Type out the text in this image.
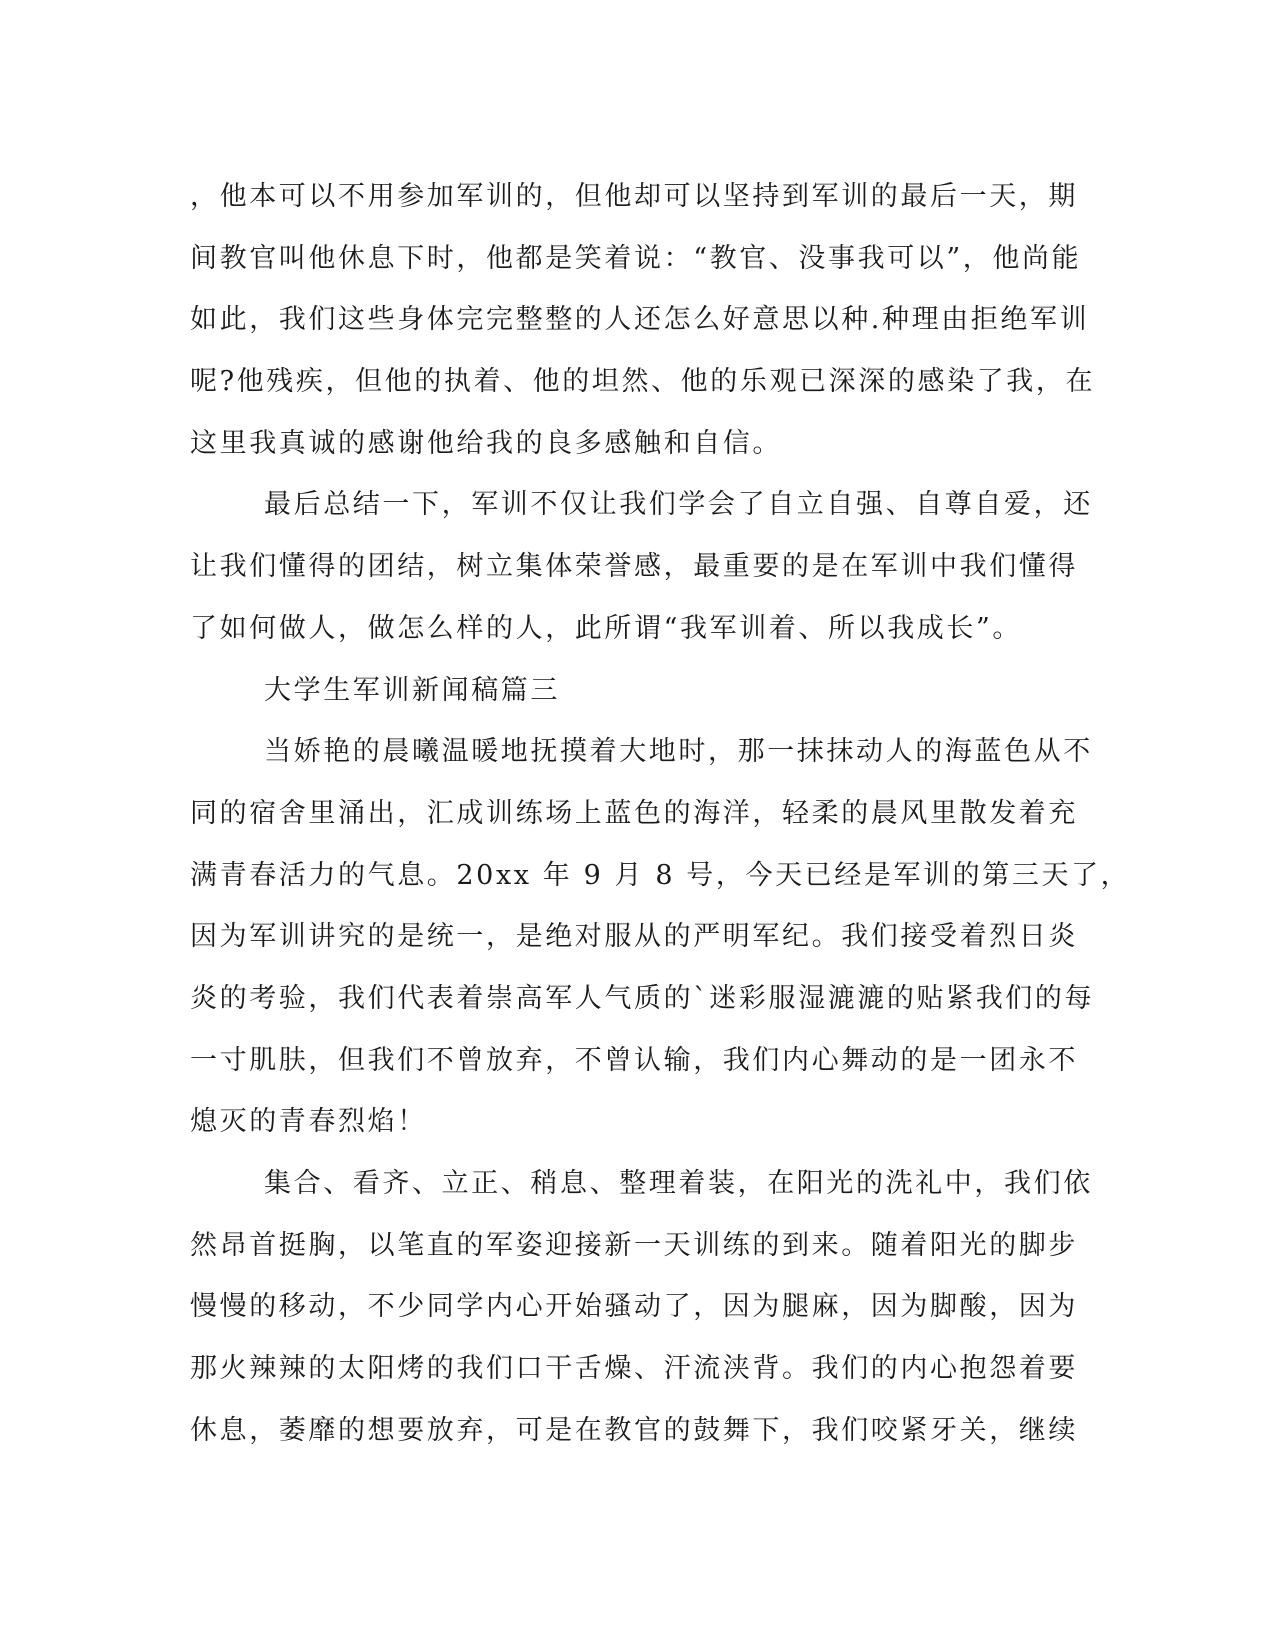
，他本可以不用参加军训的，但他却可以坚持到军训的最后一天，期
间教官叫他休息下时，他都是笑着说：“教官、没事我可以”，他尚能
如此，我们这些身体完完整整的人还怎么好意思以种.种理由拒绝军训
呢?他残疾，但他的执着、他的坦然、他的乐观已深深的感染了我，在
这里我真诚的感谢他给我的良多感触和自信。
最后总结一下，军训不仅让我们学会了自立自强、自尊自爱，还
让我们懂得的团结，树立集体荣誉感，最重要的是在军训中我们懂得
了如何做人，做怎么样的人，此所谓“我军训着、所以我成长”。
大学生军训新闻稿篇三
当娇艳的晨曦温暖地抚摸着大地时，那一抹抹动人的海蓝色从不
同的宿舍里涌出，汇成训练场上蓝色的海洋，轻柔的晨风里散发着充
满青春活力的气息。20xx 年 9 月 8 号，今天已经是军训的第三天了，
因为军训讲究的是统一，是绝对服从的严明军纪。我们接受着烈日炎
炎的考验，我们代表着崇高军人气质的`迷彩服湿漉漉的贴紧我们的每
一寸肌肤，但我们不曾放弃，不曾认输，我们内心舞动的是一团永不
熄灭的青春烈焰！
集合、看齐、立正、稍息、整理着装，在阳光的洗礼中，我们依
然昂首挺胸，以笔直的军姿迎接新一天训练的到来。随着阳光的脚步
慢慢的移动，不少同学内心开始骚动了，因为腿麻，因为脚酸，因为
那火辣辣的太阳烤的我们口干舌燥、汗流浃背。我们的内心抱怨着要
休息，萎靡的想要放弃，可是在教官的鼓舞下，我们咬紧牙关，继续
